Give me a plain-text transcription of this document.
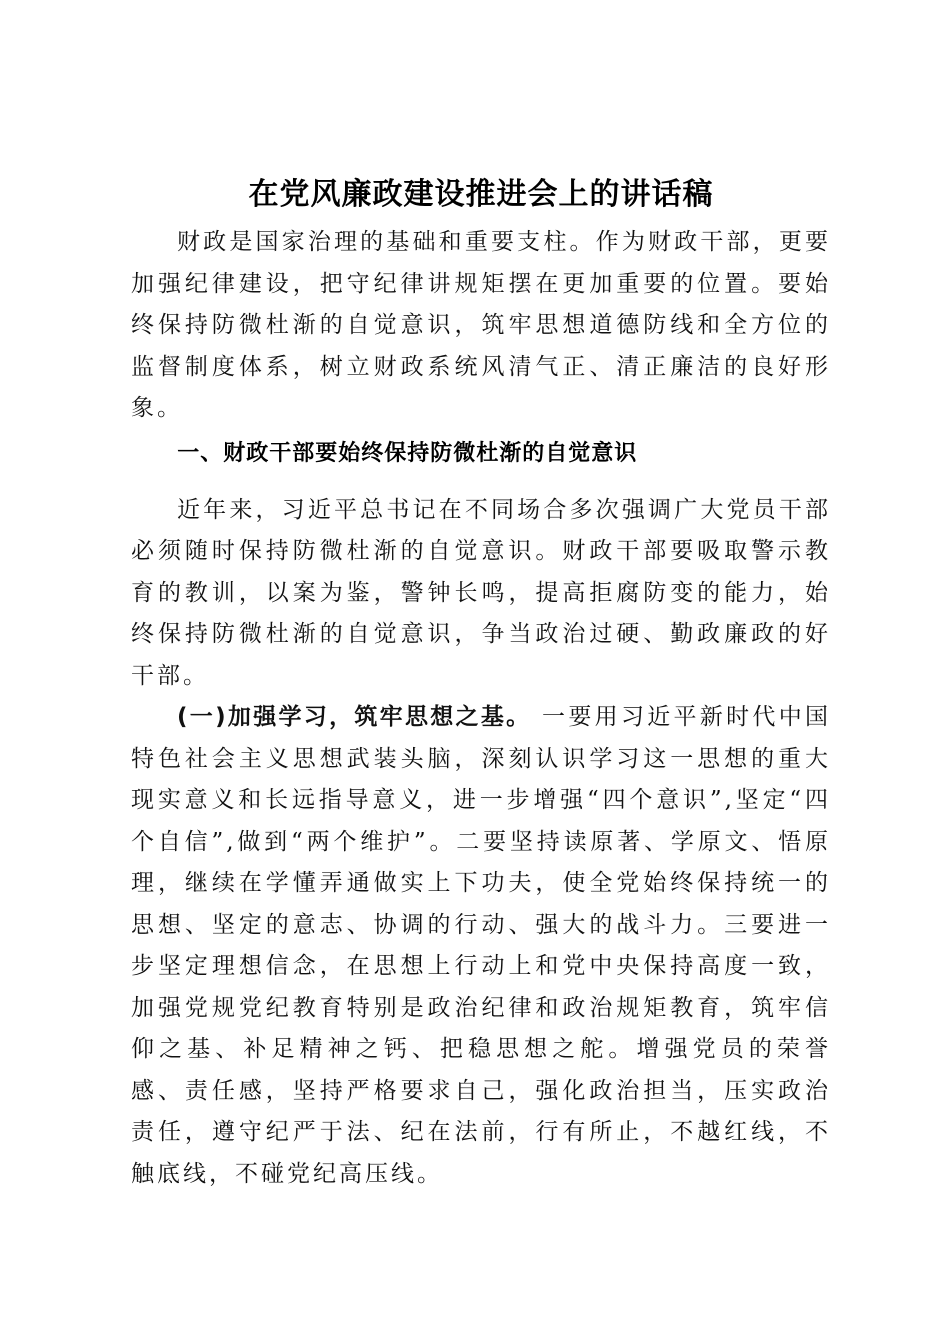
在党风廉政建设推进会上的讲话稿

财政是国家治理的基础和重要支柱。作为财政干部，更要加强纪律建设，把守纪律讲规矩摆在更加重要的位置。要始终保持防微杜渐的自觉意识，筑牢思想道德防线和全方位的监督制度体系，树立财政系统风清气正、清正廉洁的良好形象。

一、财政干部要始终保持防微杜渐的自觉意识

近年来，习近平总书记在不同场合多次强调广大党员干部必须随时保持防微杜渐的自觉意识。财政干部要吸取警示教育的教训，以案为鉴，警钟长鸣，提高拒腐防变的能力，始终保持防微杜渐的自觉意识，争当政治过硬、勤政廉政的好干部。

(一)加强学习，筑牢思想之基。 一要用习近平新时代中国特色社会主义思想武装头脑，深刻认识学习这一思想的重大现实意义和长远指导意义，进一步增强“四个意识”,坚定“四个自信”,做到“两个维护”。二要坚持读原著、学原文、悟原理，继续在学懂弄通做实上下功夫，使全党始终保持统一的思想、坚定的意志、协调的行动、强大的战斗力。三要进一步坚定理想信念，在思想上行动上和党中央保持高度一致，加强党规党纪教育特别是政治纪律和政治规矩教育，筑牢信仰之基、补足精神之钙、把稳思想之舵。增强党员的荣誉感、责任感，坚持严格要求自己，强化政治担当，压实政治责任，遵守纪严于法、纪在法前，行有所止，不越红线，不触底线，不碰党纪高压线。
